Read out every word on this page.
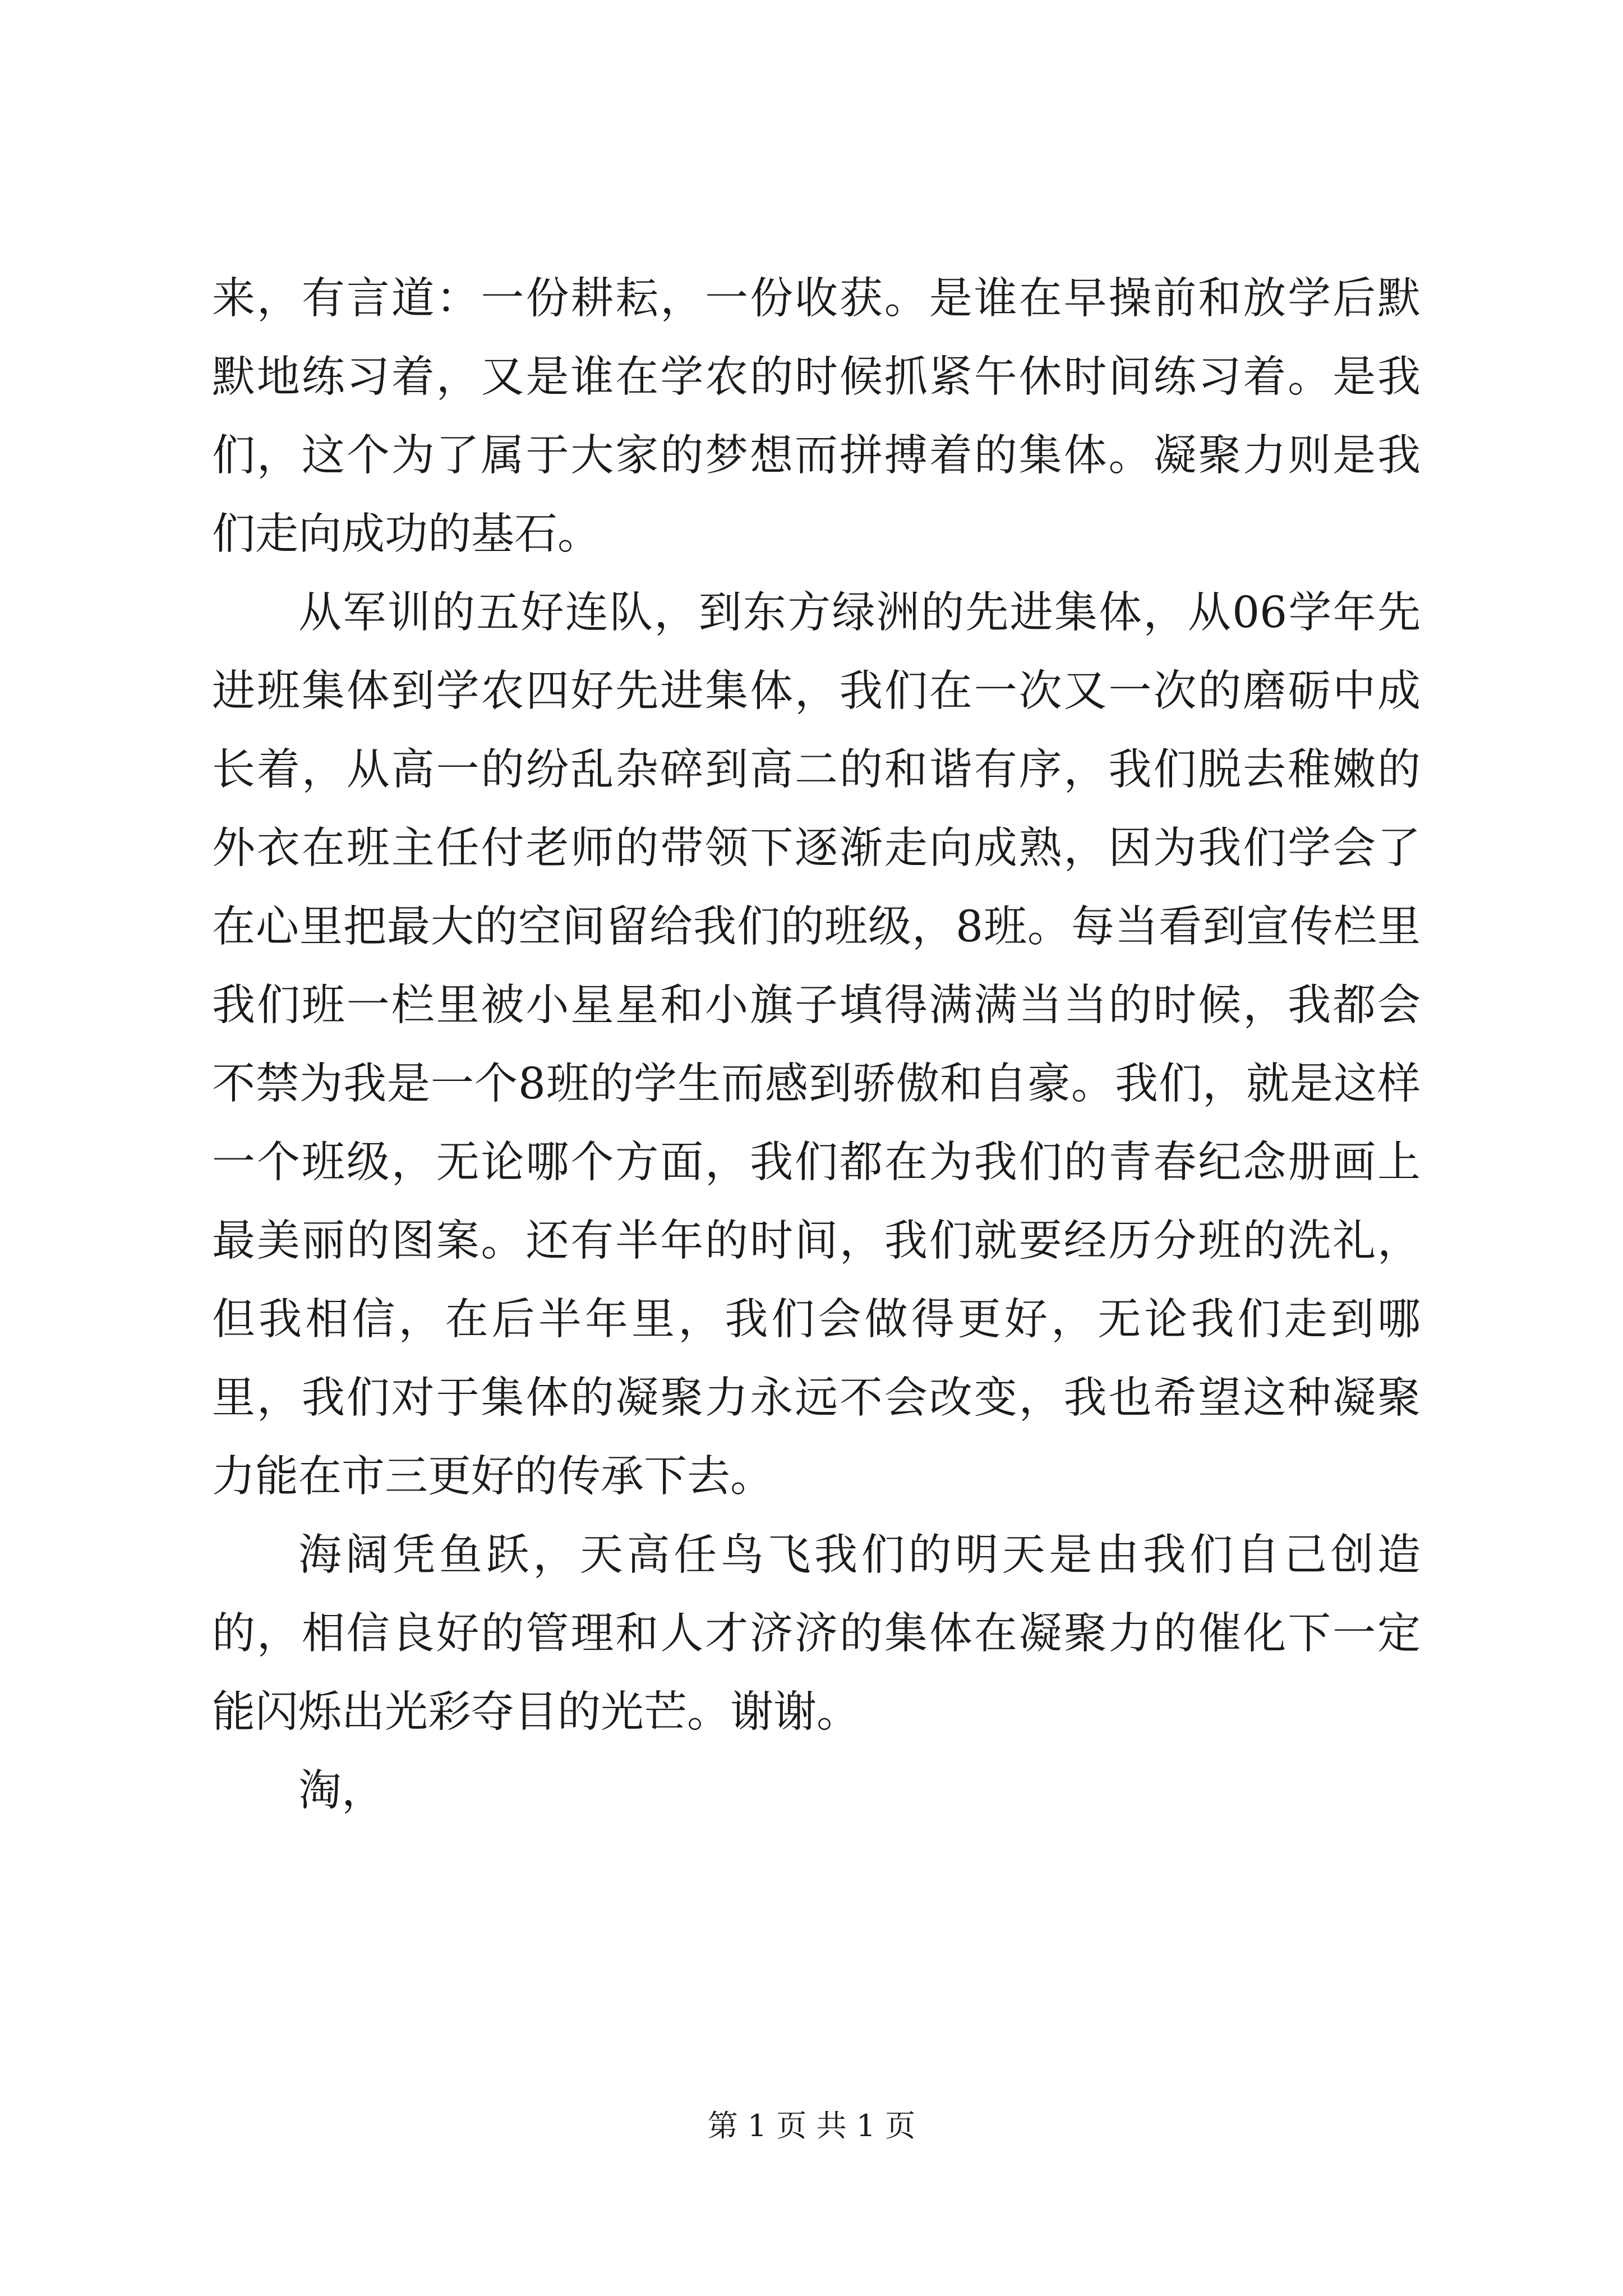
来，有言道：一份耕耘，一份收获。是谁在早操前和放学后默默地练习着，又是谁在学农的时候抓紧午休时间练习着。是我们，这个为了属于大家的梦想而拼搏着的集体。凝聚力则是我们走向成功的基石。

从军训的五好连队，到东方绿洲的先进集体，从06学年先进班集体到学农四好先进集体，我们在一次又一次的磨砺中成长着，从高一的纷乱杂碎到高二的和谐有序，我们脱去稚嫩的外衣在班主任付老师的带领下逐渐走向成熟，因为我们学会了在心里把最大的空间留给我们的班级，8班。每当看到宣传栏里我们班一栏里被小星星和小旗子填得满满当当的时候，我都会不禁为我是一个8班的学生而感到骄傲和自豪。我们，就是这样一个班级，无论哪个方面，我们都在为我们的青春纪念册画上最美丽的图案。还有半年的时间，我们就要经历分班的洗礼，但我相信，在后半年里，我们会做得更好，无论我们走到哪里，我们对于集体的凝聚力永远不会改变，我也希望这种凝聚力能在市三更好的传承下去。

海阔凭鱼跃，天高任鸟飞我们的明天是由我们自己创造的，相信良好的管理和人才济济的集体在凝聚力的催化下一定能闪烁出光彩夺目的光芒。谢谢。

淘，

第 1 页 共 1 页
